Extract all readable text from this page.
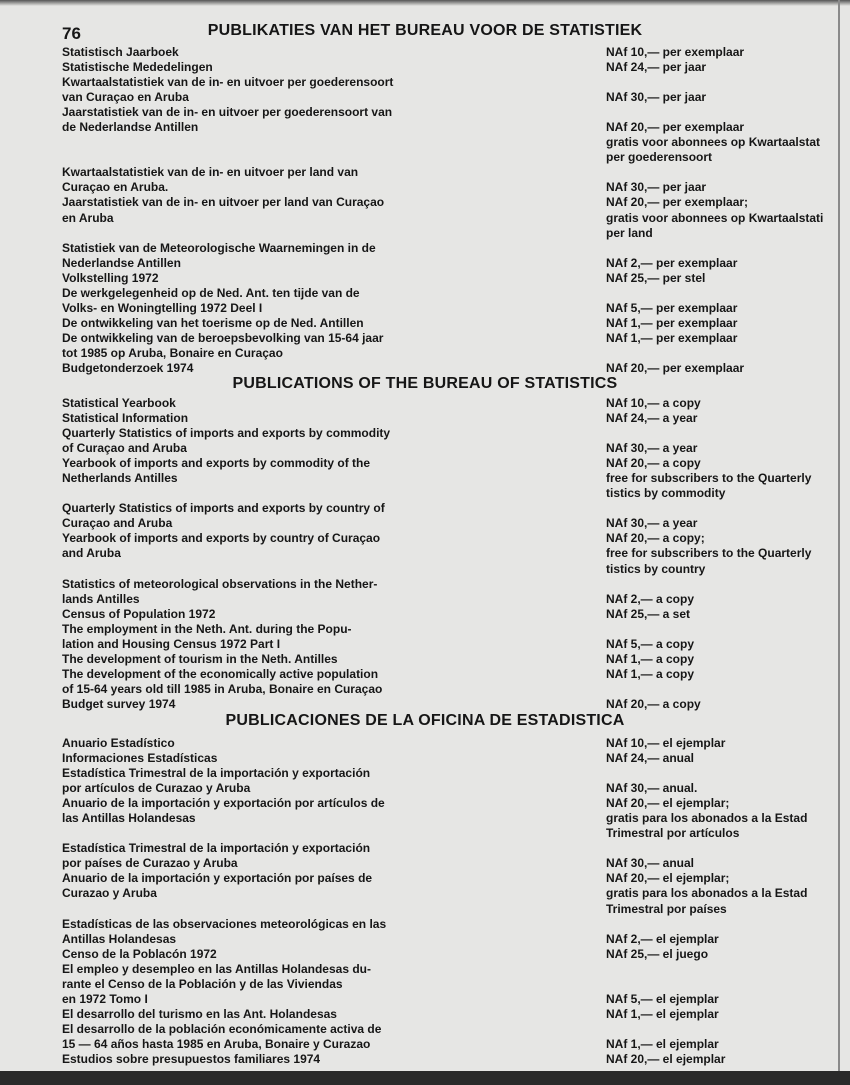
76	PUBLIKATIES VAN HET BUREAU VOOR DE STATISTIEK
Statistisch Jaarboek	NAf 10,— per exemplaar
Statistische Mededelingen	NAf 24,— per jaar
Kwartaalstatistiek van de in- en uitvoer per goederensoort
van Curaçao en Aruba	NAf 30,— per jaar
Jaarstatistiek van de in- en uitvoer per goederensoort van
de Nederlandse Antillen	NAf 20,— per exemplaar
gratis voor abonnees op Kwartaalstat
per goederensoort
Kwartaalstatistiek van de in- en uitvoer per land van
Curaçao en Aruba.	NAf 30,— per jaar
Jaarstatistiek van de in- en uitvoer per land van Curaçao	NAf 20,— per exemplaar;
en Aruba	gratis voor abonnees op Kwartaalstati
per land
Statistiek van de Meteorologische Waarnemingen in de
Nederlandse Antillen	NAf 2,— per exemplaar
Volkstelling 1972	NAf 25,— per stel
De werkgelegenheid op de Ned. Ant. ten tijde van de
Volks- en Woningtelling 1972 Deel I	NAf 5,— per exemplaar
De ontwikkeling van het toerisme op de Ned. Antillen	NAf 1,— per exemplaar
De ontwikkeling van de beroepsbevolking van 15-64 jaar	NAf 1,— per exemplaar
tot 1985 op Aruba, Bonaire en Curaçao
Budgetonderzoek 1974	NAf 20,— per exemplaar
PUBLICATIONS OF THE BUREAU OF STATISTICS
Statistical Yearbook	NAf 10,— a copy
Statistical Information	NAf 24,— a year
Quarterly Statistics of imports and exports by commodity
of Curaçao and Aruba	NAf 30,— a year
Yearbook of imports and exports by commodity of the	NAf 20,— a copy
Netherlands Antilles	free for subscribers to the Quarterly
tistics by commodity
Quarterly Statistics of imports and exports by country of
Curaçao and Aruba	NAf 30,— a year
Yearbook of imports and exports by country of Curaçao	NAf 20,— a copy;
and Aruba	free for subscribers to the Quarterly
tistics by country
Statistics of meteorological observations in the Nether-
lands Antilles	NAf 2,— a copy
Census of Population 1972	NAf 25,— a set
The employment in the Neth. Ant. during the Popu-
lation and Housing Census 1972 Part I	NAf 5,— a copy
The development of tourism in the Neth. Antilles	NAf 1,— a copy
The development of the economically active population	NAf 1,— a copy
of 15-64 years old till 1985 in Aruba, Bonaire en Curaçao
Budget survey 1974	NAf 20,— a copy
PUBLICACIONES DE LA OFICINA DE ESTADISTICA
Anuario Estadístico	NAf 10,— el ejemplar
Informaciones Estadísticas	NAf 24,— anual
Estadística Trimestral de la importación y exportación
por artículos de Curazao y Aruba	NAf 30,— anual.
Anuario de la importación y exportación por artículos de	NAf 20,— el ejemplar;
las Antillas Holandesas	gratis para los abonados a la Estad
Trimestral por artículos
Estadística Trimestral de la importación y exportación
por países de Curazao y Aruba	NAf 30,— anual
Anuario de la importación y exportación por países de	NAf 20,— el ejemplar;
Curazao y Aruba	gratis para los abonados a la Estad
Trimestral por países
Estadísticas de las observaciones meteorológicas en las
Antillas Holandesas	NAf 2,— el ejemplar
Censo de la Poblacón 1972	NAf 25,— el juego
El empleo y desempleo en las Antillas Holandesas du-
rante el Censo de la Población y de las Viviendas
en 1972 Tomo I	NAf 5,— el ejemplar
El desarrollo del turismo en las Ant. Holandesas	NAf 1,— el ejemplar
El desarrollo de la población económicamente activa de
15 — 64 años hasta 1985 en Aruba, Bonaire y Curazao	NAf 1,— el ejemplar
Estudios sobre presupuestos familiares 1974	NAf 20,— el ejemplar
